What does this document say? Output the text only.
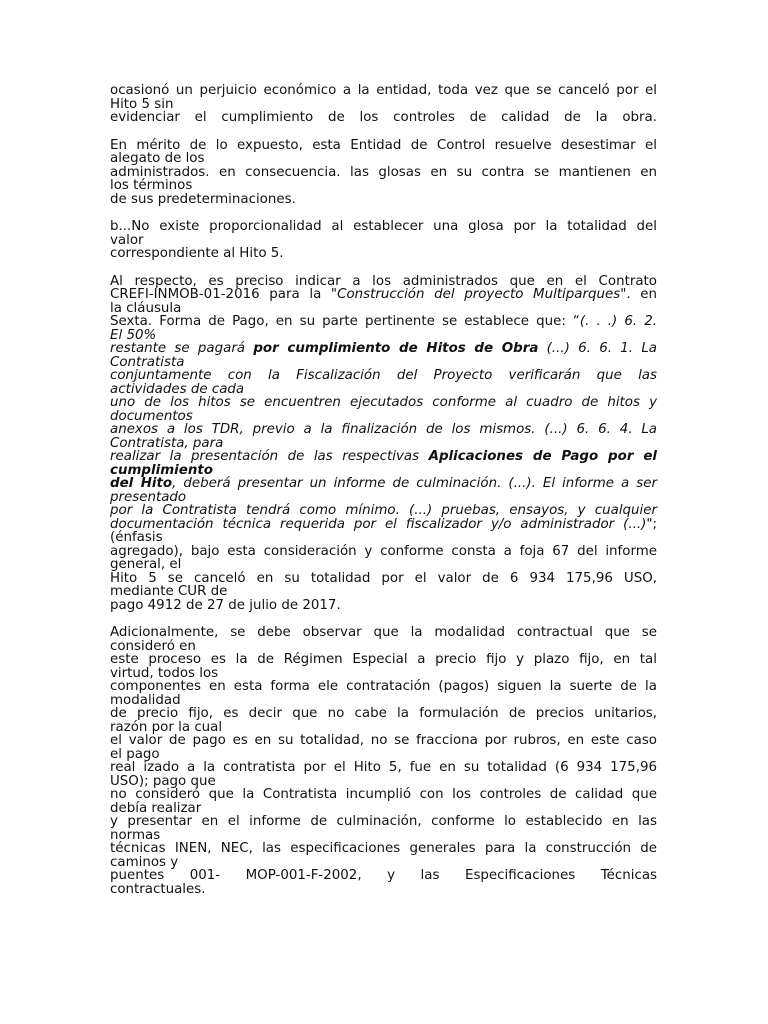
ocasionó un perjuicio económico a la entidad, toda vez que se canceló por el
Hito 5 sin
evidenciar el cumplimiento de los controles de calidad de la obra.
En mérito de lo expuesto, esta Entidad de Control resuelve desestimar el
alegato de los
administrados. en consecuencia. las glosas en su contra se mantienen en
los términos
de sus predeterminaciones.
b...No existe proporcionalidad al establecer una glosa por la totalidad del
valor
correspondiente al Hito 5.
Al respecto, es preciso indicar a los administrados que en el Contrato
CREFI-INMOB-01-2016 para la "Construcción del proyecto Multiparques". en
la cláusula
Sexta. Forma de Pago, en su parte pertinente se establece que: “(. . .) 6. 2.
El 50%
restante se pagará por cumplimiento de Hitos de Obra (...) 6. 6. 1. La
Contratista
conjuntamente con la Fiscalización del Proyecto verificarán que las
actividades de cada
uno de los hitos se encuentren ejecutados conforme al cuadro de hitos y
documentos
anexos a los TDR, previo a la finalización de los mismos. (...) 6. 6. 4. La
Contratista, para
realizar la presentación de las respectivas Aplicaciones de Pago por el
cumplimiento
del Hito, deberá presentar un informe de culminación. (...). El informe a ser
presentado
por la Contratista tendrá como mínimo. (...) pruebas, ensayos, y cualquier
documentación técnica requerida por el fiscalizador y/o administrador (...)";
(énfasis
agregado), bajo esta consideración y conforme consta a foja 67 del informe
general, el
Hito 5 se canceló en su totalidad por el valor de 6 934 175,96 USO,
mediante CUR de
pago 4912 de 27 de julio de 2017.
Adicionalmente, se debe observar que la modalidad contractual que se
consideró en
este proceso es la de Régimen Especial a precio fijo y plazo fijo, en tal
virtud, todos los
componentes en esta forma ele contratación (pagos) siguen la suerte de la
modalidad
de precio fijo, es decir que no cabe la formulación de precios unitarios,
razón por la cual
el valor de pago es en su totalidad, no se fracciona por rubros, en este caso
el pago
real izado a la contratista por el Hito 5, fue en su totalidad (6 934 175,96
USO); pago que
no consideró que la Contratista incumplió con los controles de calidad que
debía realizar
y presentar en el informe de culminación, conforme lo establecido en las
normas
técnicas INEN, NEC, las especificaciones generales para la construcción de
caminos y
puentes 001- MOP-001-F-2002, y las Especificaciones Técnicas
contractuales.
